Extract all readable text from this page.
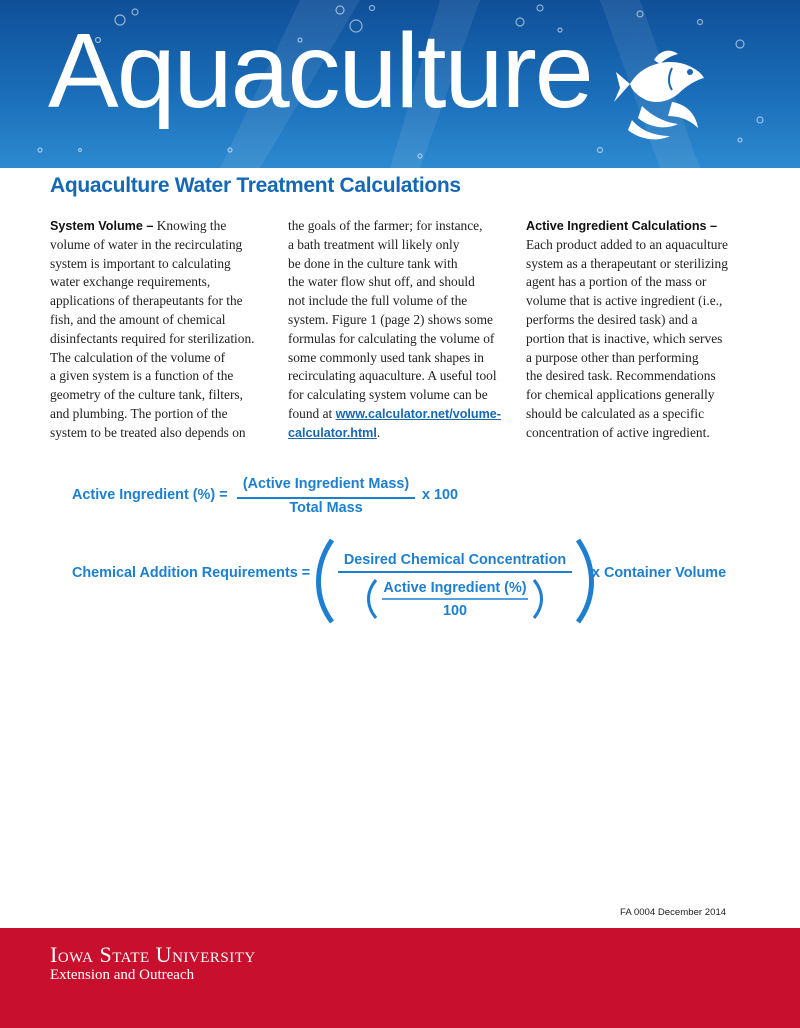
Aquaculture
Aquaculture Water Treatment Calculations
System Volume – Knowing the
volume of water in the recirculating
system is important to calculating
water exchange requirements,
applications of therapeutants for the
fish, and the amount of chemical
disinfectants required for sterilization.
The calculation of the volume of
a given system is a function of the
geometry of the culture tank, filters,
and plumbing. The portion of the
system to be treated also depends on
the goals of the farmer; for instance,
a bath treatment will likely only
be done in the culture tank with
the water flow shut off, and should
not include the full volume of the
system. Figure 1 (page 2) shows some
formulas for calculating the volume of
some commonly used tank shapes in
recirculating aquaculture. A useful tool
for calculating system volume can be
found at www.calculator.net/volume-
calculator.html.
Active Ingredient Calculations –
Each product added to an aquaculture
system as a therapeutant or sterilizing
agent has a portion of the mass or
volume that is active ingredient (i.e.,
performs the desired task) and a
portion that is inactive, which serves
a purpose other than performing
the desired task. Recommendations
for chemical applications generally
should be calculated as a specific
concentration of active ingredient.
Active Ingredient (%) =
(Active Ingredient Mass)
Total Mass
x 100
Chemical Addition Requirements =
Desired Chemical Concentration
Active Ingredient (%)
100
x Container Volume
FA 0004 December 2014
Iowa State University
Extension and Outreach
